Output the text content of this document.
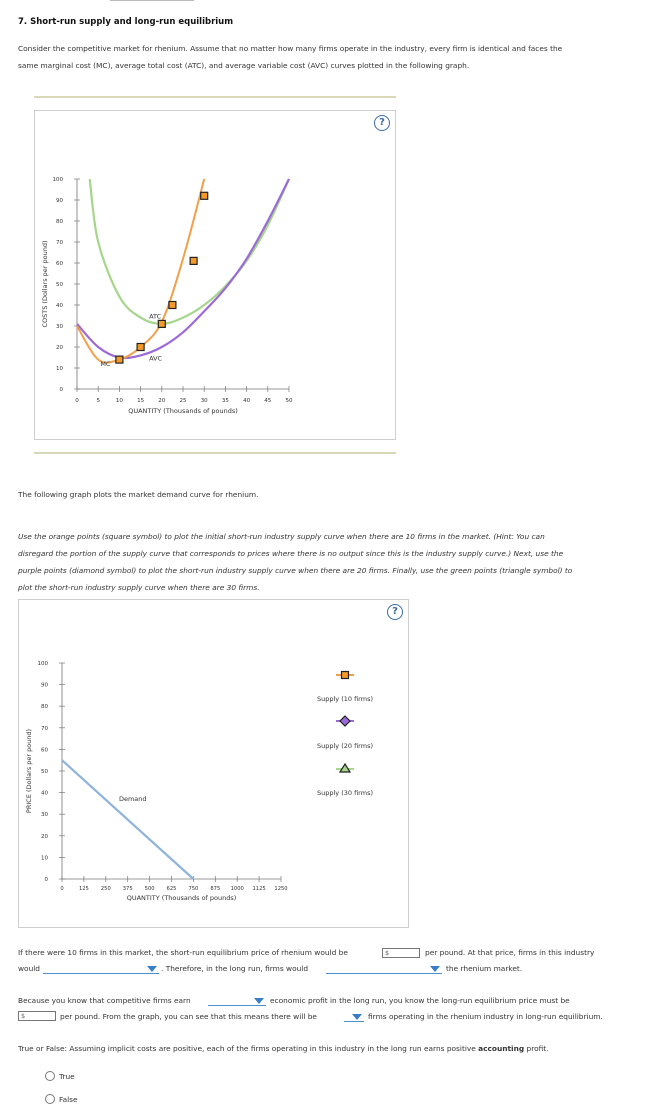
7. Short-run supply and long-run equilibrium
Consider the competitive market for rhenium. Assume that no matter how many firms operate in the industry, every firm is identical and faces the
same marginal cost (MC), average total cost (ATC), and average variable cost (AVC) curves plotted in the following graph.
?
0
10
20
30
40
50
60
70
80
90
100
0	5	10	15	20	25	30	35	40	45	50
QUANTITY (Thousands of pounds)
COSTS (Dollars per pound)	ATC
AVC
MC
The following graph plots the market demand curve for rhenium.
Use the orange points (square symbol) to plot the initial short-run industry supply curve when there are 10 firms in the market. (Hint: You can
disregard the portion of the supply curve that corresponds to prices where there is no output since this is the industry supply curve.) Next, use the
purple points (diamond symbol) to plot the short-run industry supply curve when there are 20 firms. Finally, use the green points (triangle symbol) to
plot the short-run industry supply curve when there are 30 firms.
?
0
10
20
30
40
50
60
70
80
90
100
0	125 250 375 500 625 750 875 1000 1125 1250
QUANTITY (Thousands of pounds)
PRICE (Dollars per pound)	Demand
Supply (10 firms)
Supply (20 firms)
Supply (30 firms)
If there were 10 firms in this market, the short-run equilibrium price of rhenium would be	$	per pound. At that price, firms in this industry
would	. Therefore, in the long run, firms would	the rhenium market.
Because you know that competitive firms earn	economic profit in the long run, you know the long-run equilibrium price must be
$	per pound. From the graph, you can see that this means there will be	firms operating in the rhenium industry in long-run equilibrium.
True or False: Assuming implicit costs are positive, each of the firms operating in this industry in the long run earns positive accounting profit.
True
False
